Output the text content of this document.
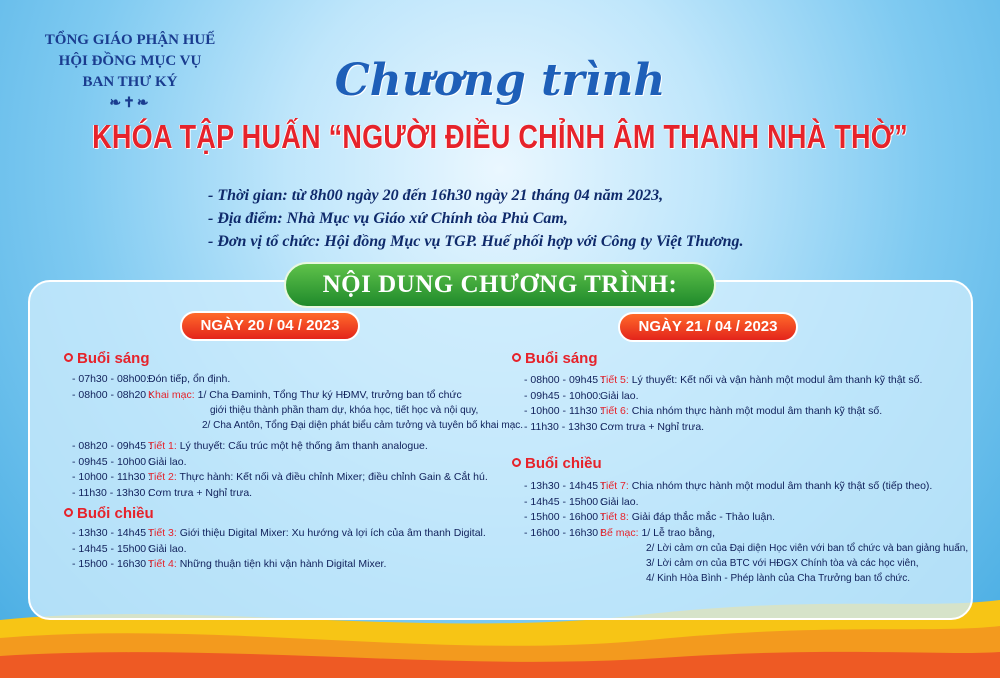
TỔNG GIÁO PHẬN HUẾ
HỘI ĐỒNG MỤC VỤ
BAN THƯ KÝ
❧✝❧	Chương trình
KHÓA TẬP HUẤN “NGƯỜI ĐIỀU CHỈNH ÂM THANH NHÀ THỜ”
- Thời gian: từ 8h00 ngày 20 đến 16h30 ngày 21 tháng 04 năm 2023,
- Địa điểm: Nhà Mục vụ Giáo xứ Chính tòa Phủ Cam,
- Đơn vị tổ chức: Hội đồng Mục vụ TGP. Huế phối hợp với Công ty Việt Thương.
NỘI DUNG CHƯƠNG TRÌNH:
NGÀY 20 / 04 / 2023
Buổi sáng
- 07h30 - 08h00:Đón tiếp, ổn định.
- 08h00 - 08h20 :Khai mạc: 1/ Cha Đaminh, Tổng Thư ký HĐMV, trưởng ban tổ chức
giới thiệu thành phần tham dự, khóa học, tiết học và nội quy,
2/ Cha Antôn, Tổng Đại diện phát biểu cảm tưởng và tuyên bố khai mạc.
- 08h20 - 09h45 :Tiết 1: Lý thuyết: Cấu trúc một hệ thống âm thanh analogue.
- 09h45 - 10h00 :Giải lao.
- 10h00 - 11h30 :Tiết 2: Thực hành: Kết nối và điều chỉnh Mixer; điều chỉnh Gain & Cắt hú.
- 11h30 - 13h30 :Cơm trưa + Nghỉ trưa.
Buổi chiều
- 13h30 - 14h45 :Tiết 3: Giới thiệu Digital Mixer: Xu hướng và lợi ích của âm thanh Digital.
- 14h45 - 15h00 :Giải lao.
- 15h00 - 16h30 :Tiết 4: Những thuận tiện khi vận hành Digital Mixer.
NGÀY 21 / 04 / 2023
Buổi sáng
- 08h00 - 09h45 :Tiết 5: Lý thuyết: Kết nối và vận hành một modul âm thanh kỹ thật số.
- 09h45 - 10h00:Giải lao.
- 10h00 - 11h30 :Tiết 6: Chia nhóm thực hành một modul âm thanh kỹ thật số.
- 11h30 - 13h30 :Cơm trưa + Nghỉ trưa.
Buổi chiều
- 13h30 - 14h45 :Tiết 7: Chia nhóm thực hành một modul âm thanh kỹ thật số (tiếp theo).
- 14h45 - 15h00 :Giải lao.
- 15h00 - 16h00 :Tiết 8: Giải đáp thắc mắc - Thảo luận.
- 16h00 - 16h30 :Bế mạc: 1/ Lễ trao bằng,
2/ Lời cảm ơn của Đại diện Học viên với ban tổ chức và ban giảng huấn,
3/ Lời cảm ơn của BTC với HĐGX Chính tòa và các học viên,
4/ Kinh Hòa Bình - Phép lành của Cha Trưởng ban tổ chức.
